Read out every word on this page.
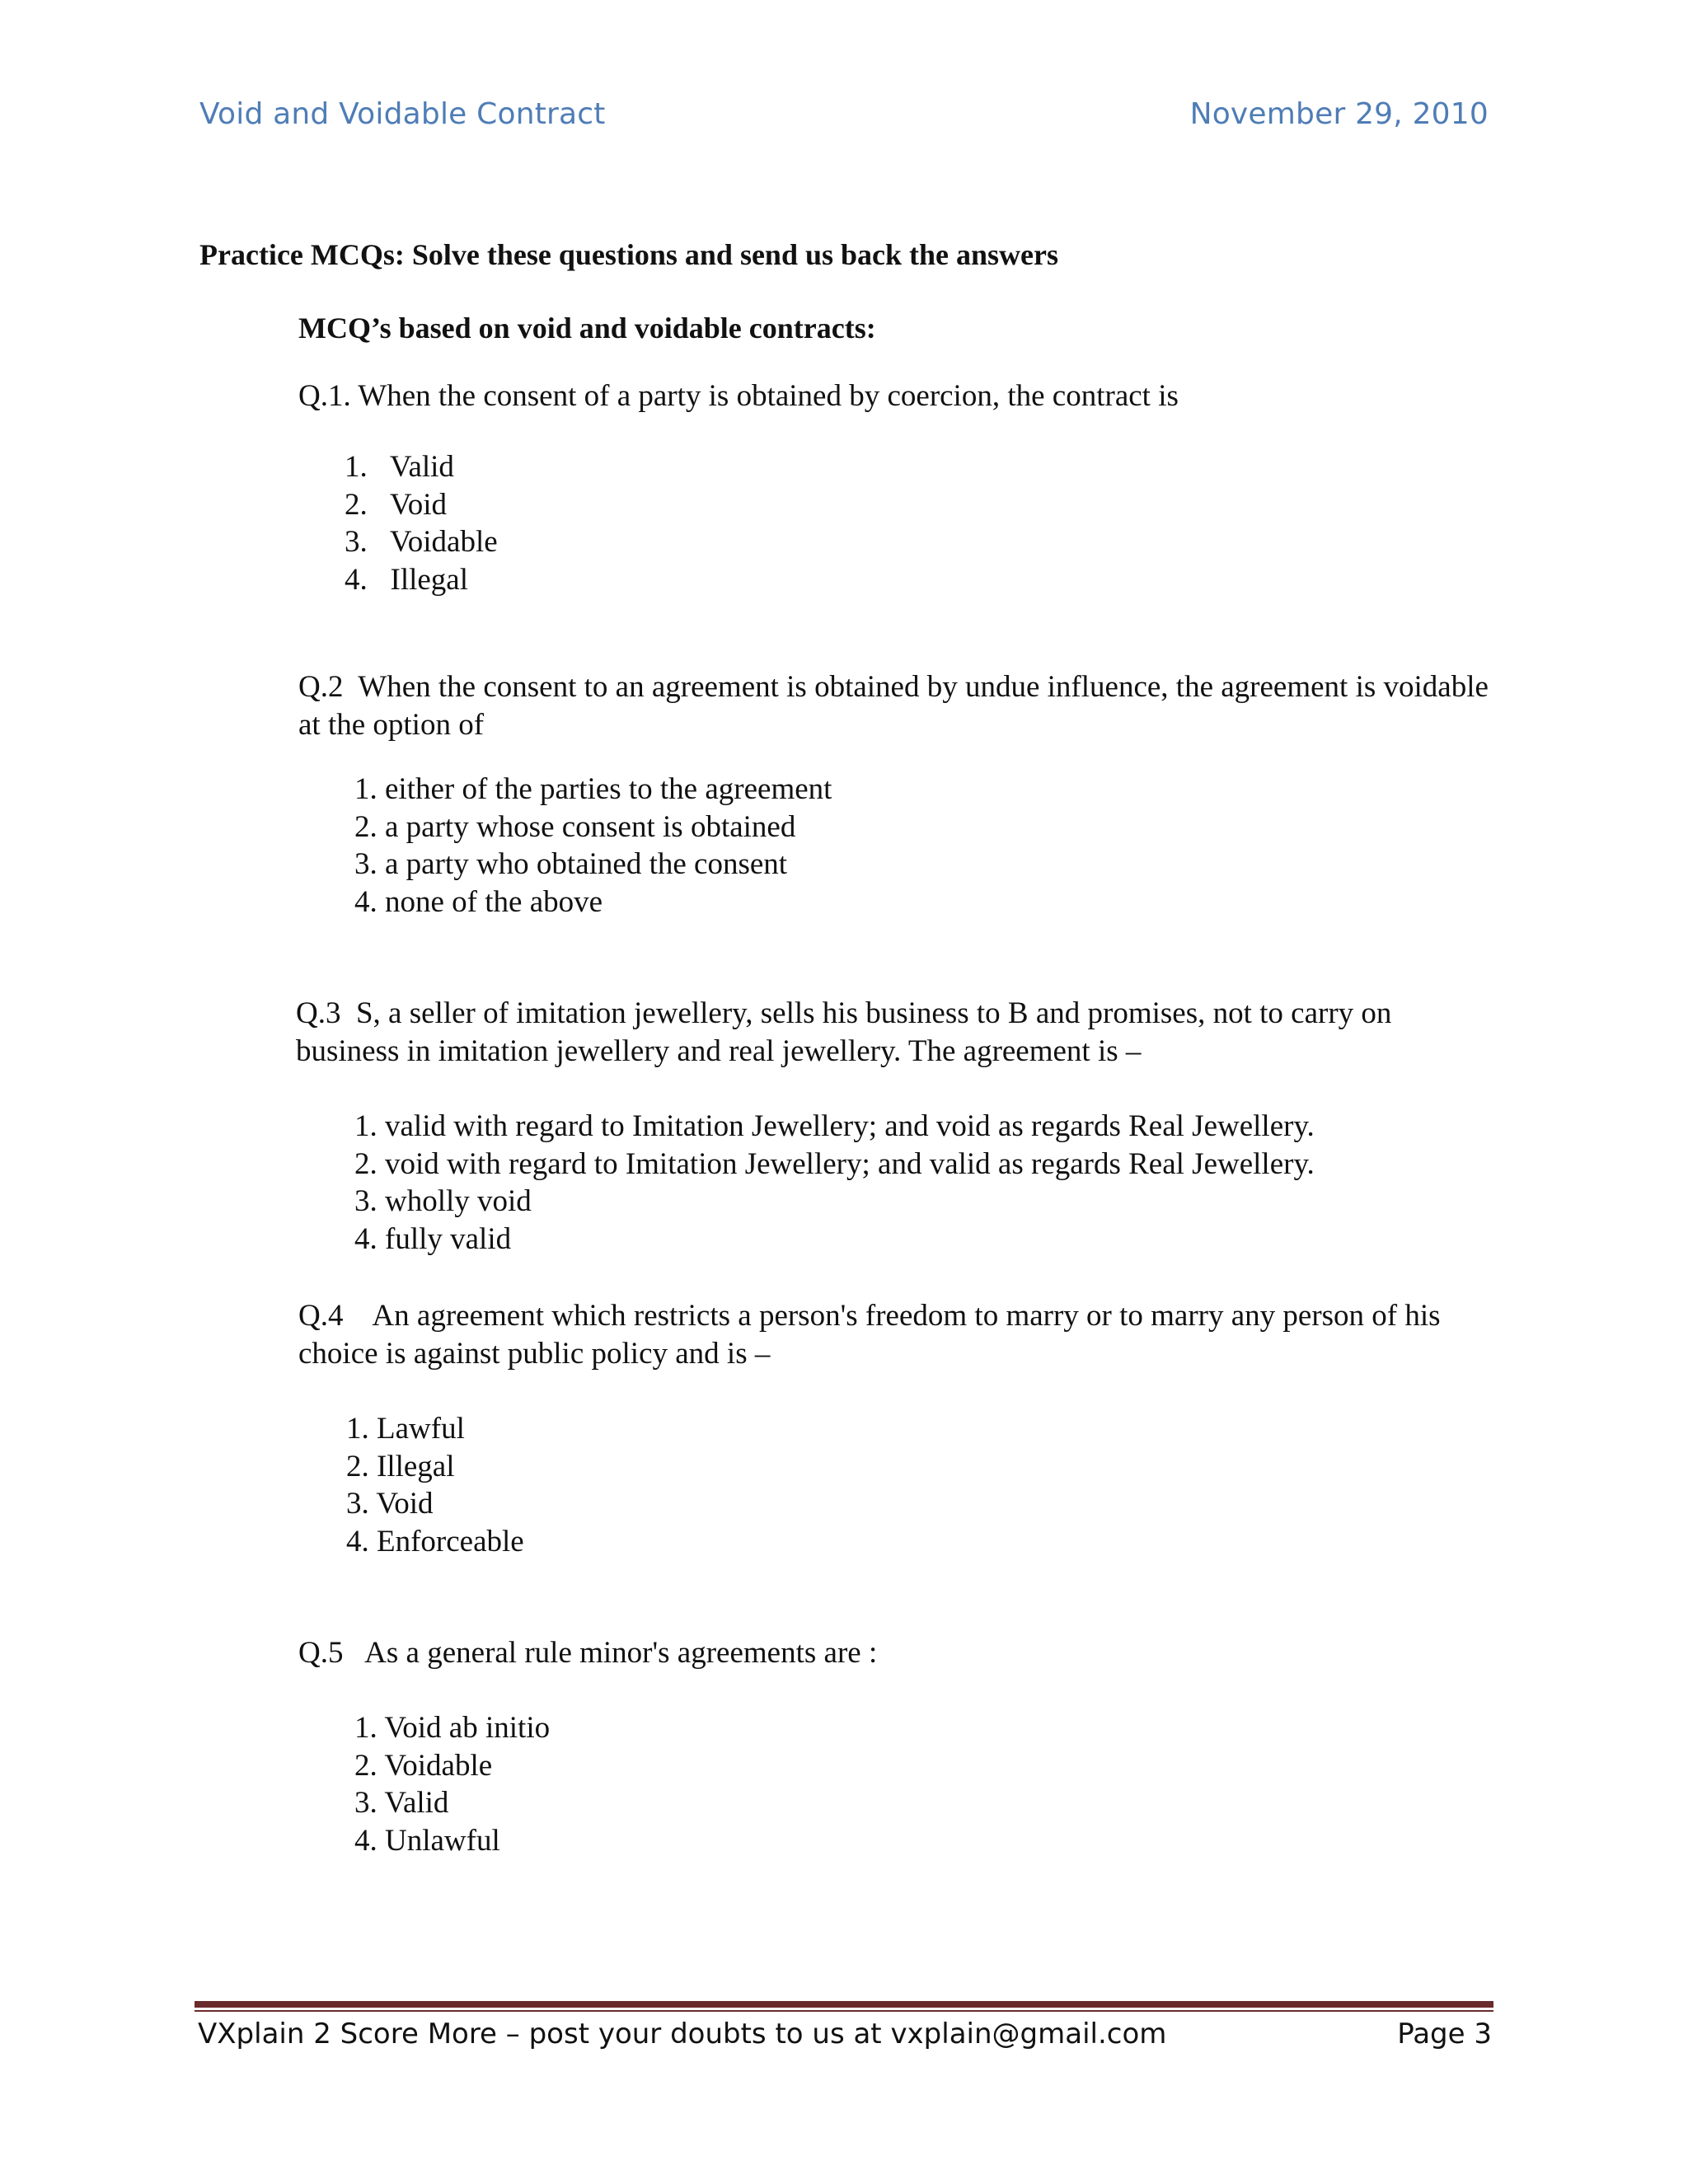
Void and Voidable Contract	November 29, 2010
Practice MCQs: Solve these questions and send us back the answers
MCQ’s based on void and voidable contracts:
Q.1. When the consent of a party is obtained by coercion, the contract is
1.   Valid
2.   Void
3.   Voidable
4.   Illegal
Q.2  When the consent to an agreement is obtained by undue influence, the agreement is voidable at the option of
1. either of the parties to the agreement
2. a party whose consent is obtained
3. a party who obtained the consent
4. none of the above
Q.3  S, a seller of imitation jewellery, sells his business to B and promises, not to carry on business in imitation jewellery and real jewellery. The agreement is –
1. valid with regard to Imitation Jewellery; and void as regards Real Jewellery.
2. void with regard to Imitation Jewellery; and valid as regards Real Jewellery.
3. wholly void
4. fully valid
Q.4    An agreement which restricts a person's freedom to marry or to marry any person of his choice is against public policy and is –
1. Lawful
2. Illegal
3. Void
4. Enforceable
Q.5   As a general rule minor's agreements are :
1. Void ab initio
2. Voidable
3. Valid
4. Unlawful
VXplain 2 Score More – post your doubts to us at vxplain@gmail.com	Page 3
